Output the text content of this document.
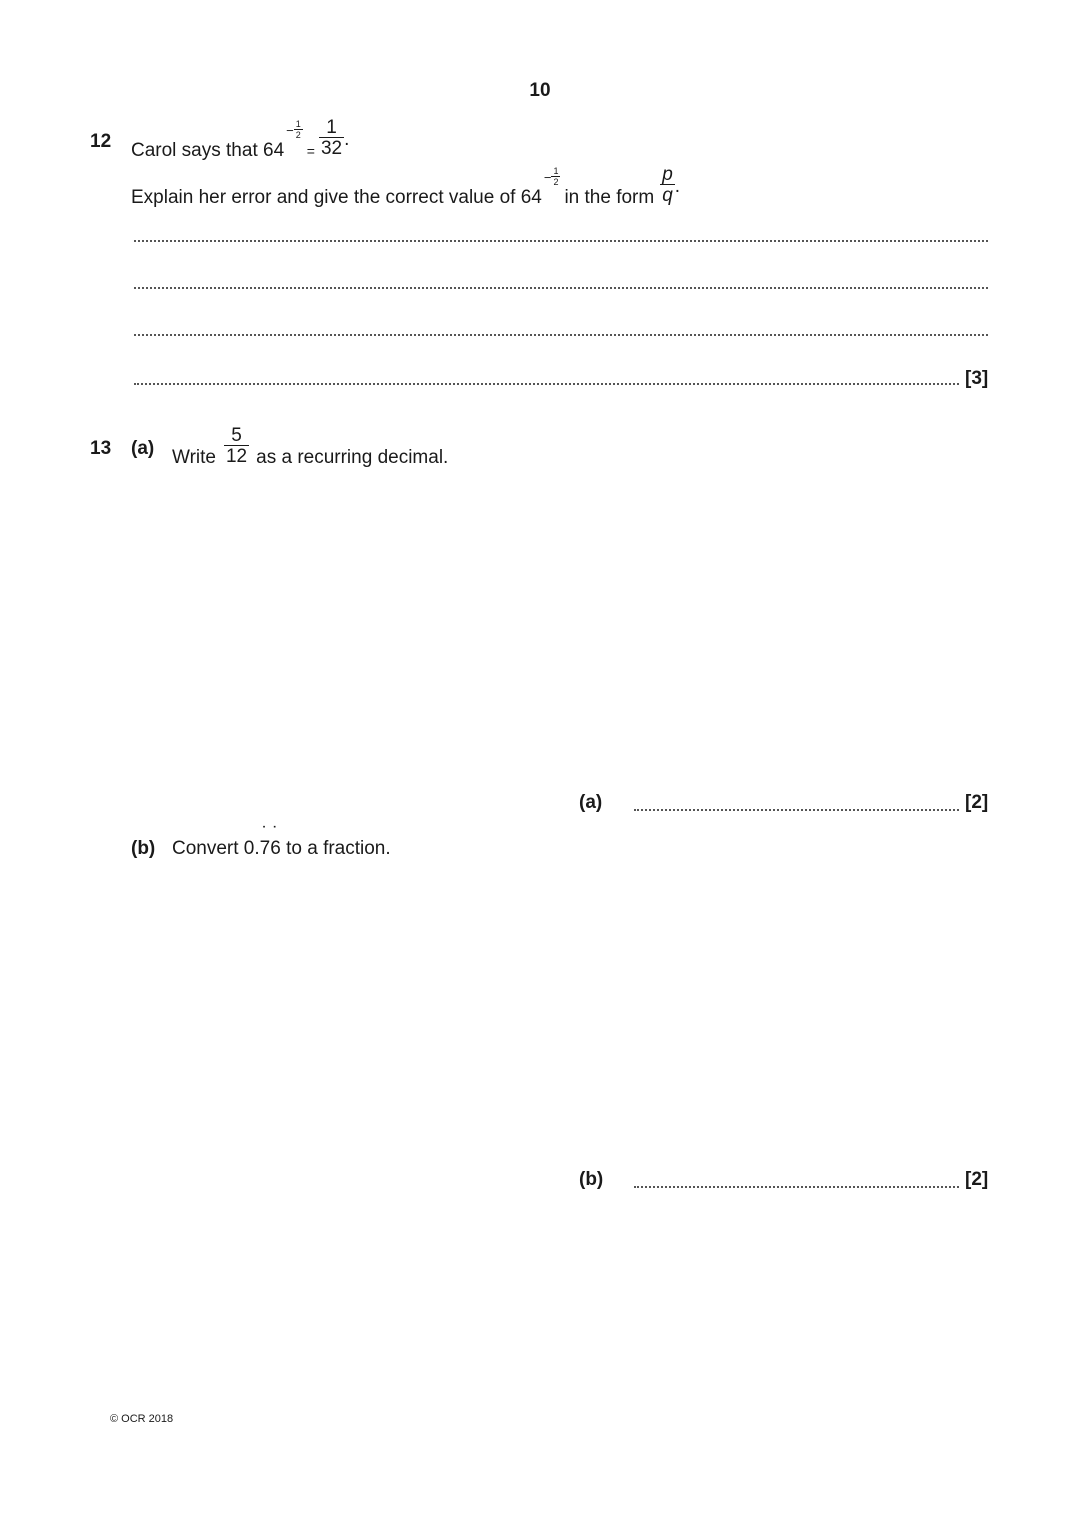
10
12 Carol says that $64- \frac{1}{2}$
$_= \frac{1}{32}$ .
Explain her error and give the correct value of $64- \frac{1}{2}$
in the form $\frac{p}{q}$ .
[3]
13 (a) Write $\frac{5}{12}$ as a recurring decimal.
(a)	[2]
(b) Convert 0.˙ 7˙ 6 to a fraction.
(b)	[2]
© OCR 2018
